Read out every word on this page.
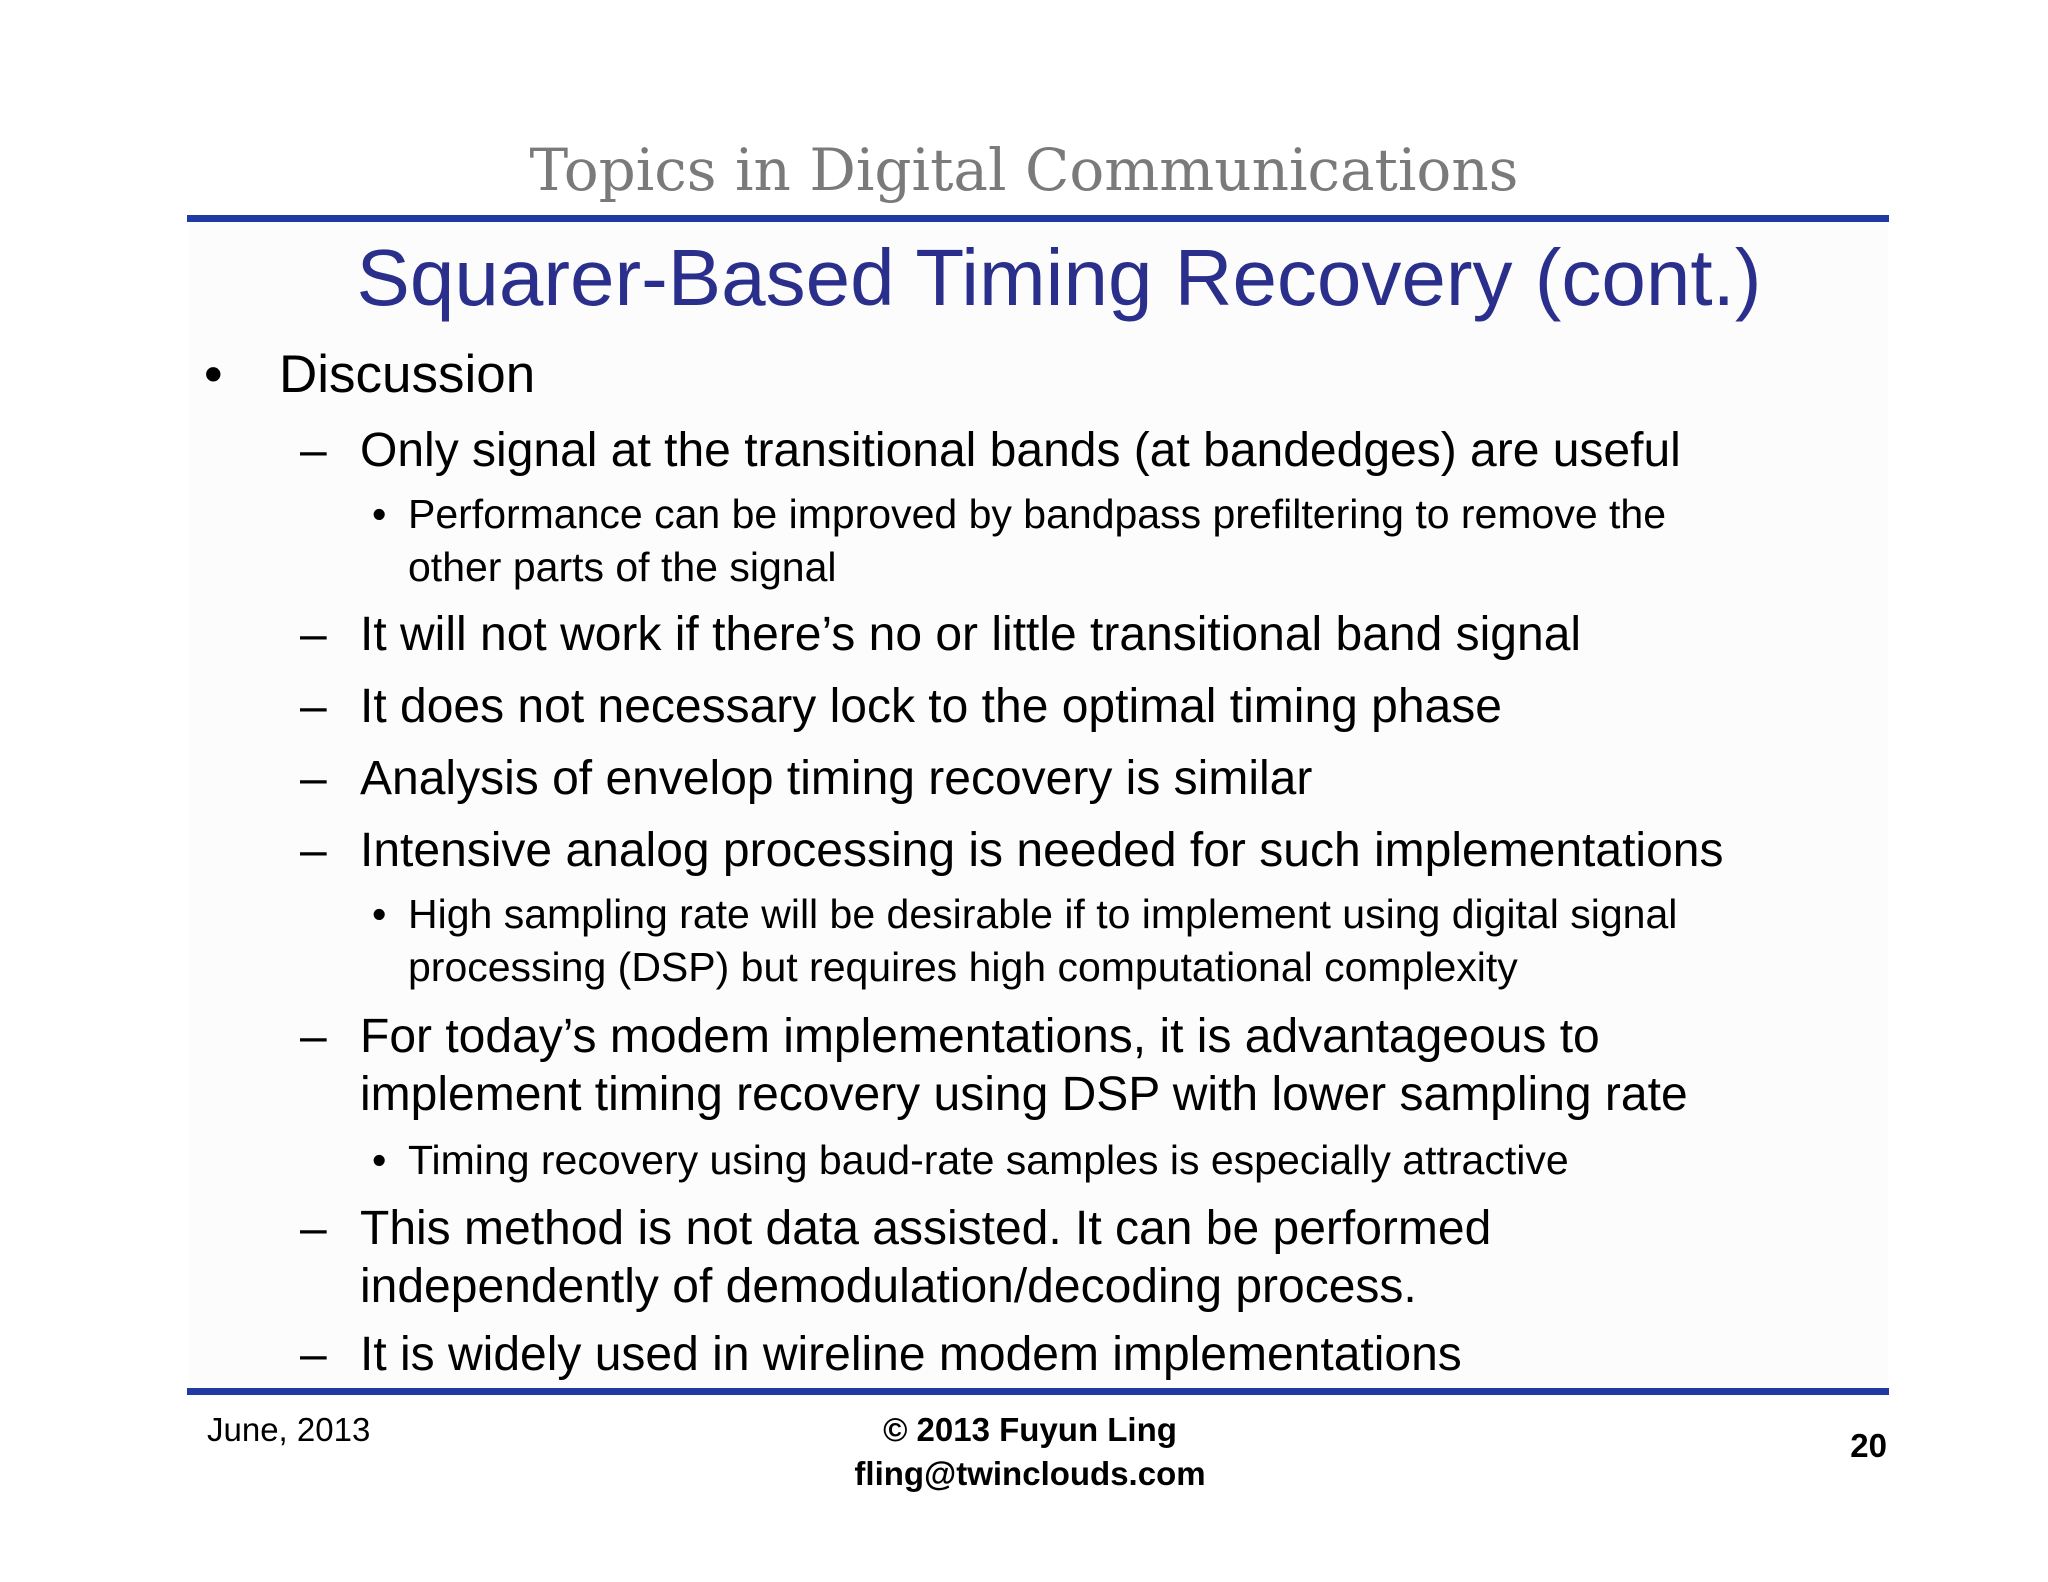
Topics in Digital Communications
Squarer-Based Timing Recovery (cont.)
•	Discussion
– Only signal at the transitional bands (at bandedges) are useful
• Performance can be improved by bandpass prefiltering to remove the
other parts of the signal
– It will not work if there’s no or little transitional band signal
– It does not necessary lock to the optimal timing phase
– Analysis of envelop timing recovery is similar
– Intensive analog processing is needed for such implementations
• High sampling rate will be desirable if to implement using digital signal
processing (DSP) but requires high computational complexity
– For today’s modem implementations, it is advantageous to
implement timing recovery using DSP with lower sampling rate
• Timing recovery using baud-rate samples is especially attractive
– This method is not data assisted. It can be performed
independently of demodulation/decoding process.
– It is widely used in wireline modem implementations
June, 2013	© 2013 Fuyun Ling
fling@twinclouds.com
20
